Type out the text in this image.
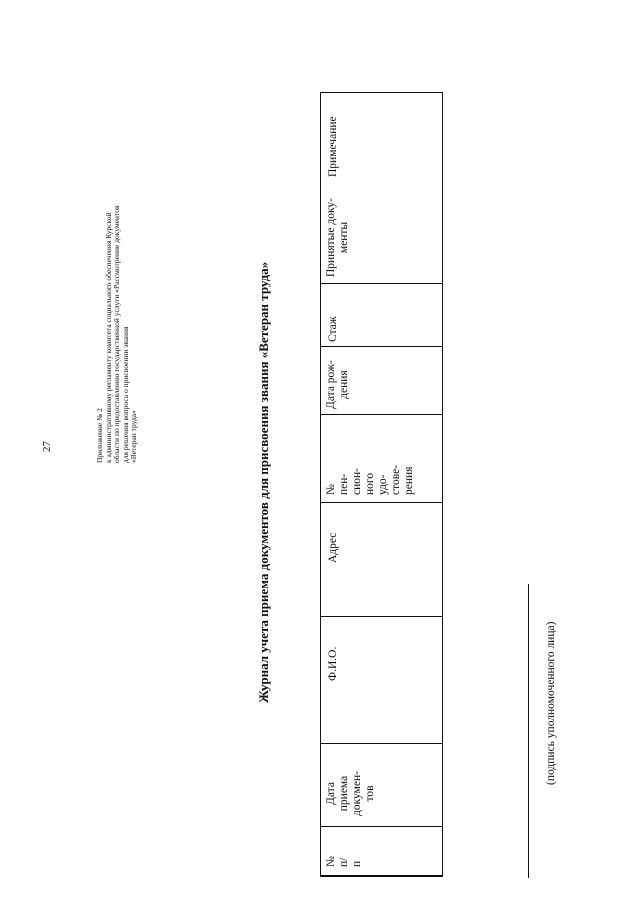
27	Приложение № 2 к административному регламенту комитета социального обеспечения Курской области по предоставлению государственной услуги «Рассмотрение документов для решения вопроса о присвоении звания «Ветеран труда»	Журнал учета приема документов для присвоения звания «Ветеран труда»
№
п/
п
Дата
приема
докумен-
тов
Ф.И.О.
Адрес
№
пен-
сион-
ного
удо-
стове-
рения
Дата рож-
дения
Стаж
Принятые доку-
менты
Примечание
(подпись уполномоченного лица)
